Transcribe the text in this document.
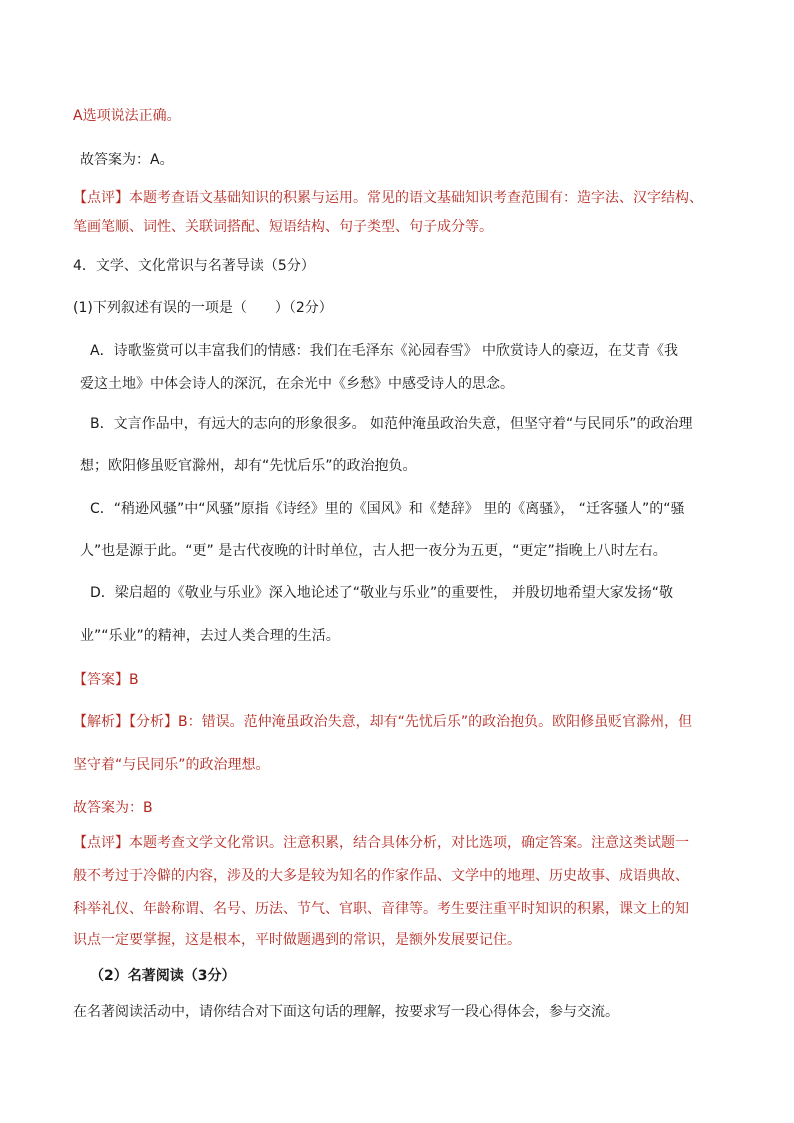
A选项说法正确。
故答案为：A。
【点评】本题考查语文基础知识的积累与运用。常见的语文基础知识考查范围有：造字法、汉字结构、
笔画笔顺、词性、关联词搭配、短语结构、句子类型、句子成分等。
4．文学、文化常识与名著导读（5分）
(1)下列叙述有误的一项是（　　）（2分）
A．诗歌鉴赏可以丰富我们的情感：我们在毛泽东《沁园春雪》 中欣赏诗人的豪迈，在艾青《我
爱这土地》中体会诗人的深沉，在余光中《乡愁》中感受诗人的思念。
B．文言作品中，有远大的志向的形象很多。 如范仲淹虽政治失意，但坚守着“与民同乐”的政治理
想；欧阳修虽贬官滁州，却有“先忧后乐”的政治抱负。
C．“稍逊风骚”中“风骚”原指《诗经》里的《国风》和《楚辞》 里的《离骚》， “迁客骚人”的“骚
人”也是源于此。“更” 是古代夜晚的计时单位，古人把一夜分为五更，“更定”指晚上八时左右。
D．梁启超的《敬业与乐业》深入地论述了“敬业与乐业”的重要性， 并殷切地希望大家发扬“敬
业”“乐业”的精神，去过人类合理的生活。
【答案】B
【解析】【分析】B：错误。范仲淹虽政治失意，却有“先忧后乐”的政治抱负。欧阳修虽贬官滁州，但
坚守着“与民同乐”的政治理想。
故答案为：B
【点评】本题考查文学文化常识。注意积累，结合具体分析，对比选项，确定答案。注意这类试题一
般不考过于冷僻的内容，涉及的大多是较为知名的作家作品、文学中的地理、历史故事、成语典故、
科举礼仪、年龄称谓、名号、历法、节气、官职、音律等。考生要注重平时知识的积累，课文上的知
识点一定要掌握，这是根本，平时做题遇到的常识，是额外发展要记住。
（2）名著阅读（3分）
在名著阅读活动中，请你结合对下面这句话的理解，按要求写一段心得体会，参与交流。
